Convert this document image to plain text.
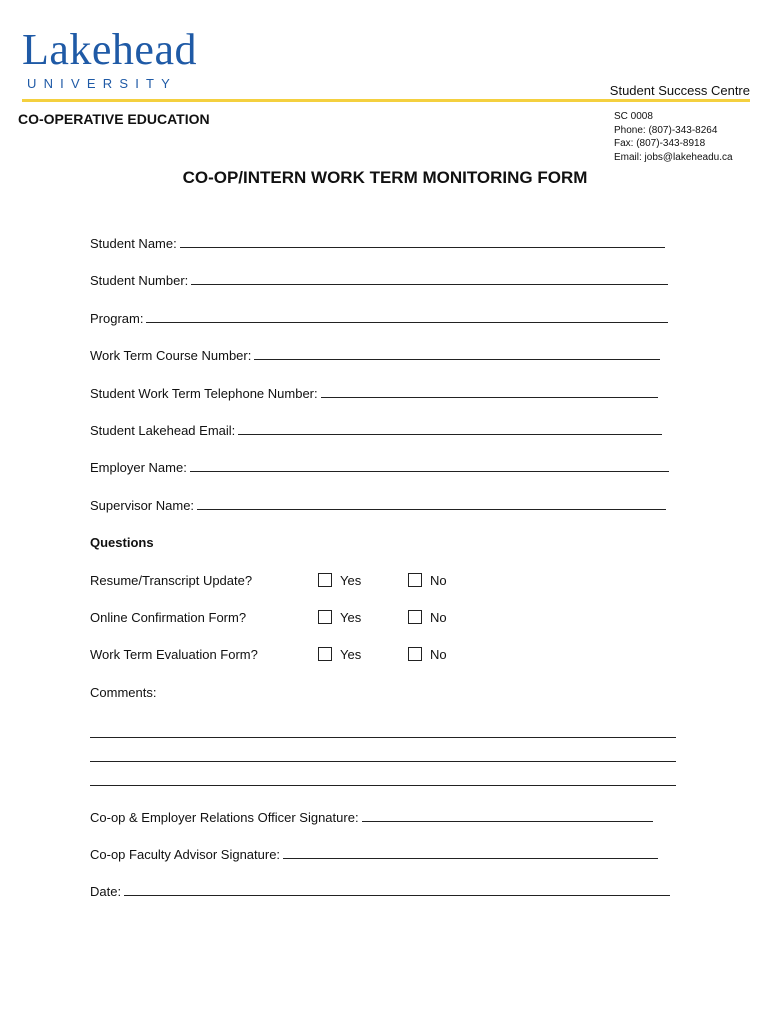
Lakehead
UNIVERSITY	Student Success Centre
CO-OPERATIVE EDUCATION	SC 0008
Phone: (807)-343-8264
Fax: (807)-343-8918
Email: jobs@lakeheadu.ca
CO-OP/INTERN WORK TERM MONITORING FORM
Student Name:
Student Number:
Program:
Work Term Course Number:
Student Work Term Telephone Number:
Student Lakehead Email:
Employer Name:
Supervisor Name:
Questions
Resume/Transcript Update?	Yes	No
Online Confirmation Form?	Yes	No
Work Term Evaluation Form?	Yes	No
Comments:
Co-op & Employer Relations Officer Signature:
Co-op Faculty Advisor Signature:
Date:
